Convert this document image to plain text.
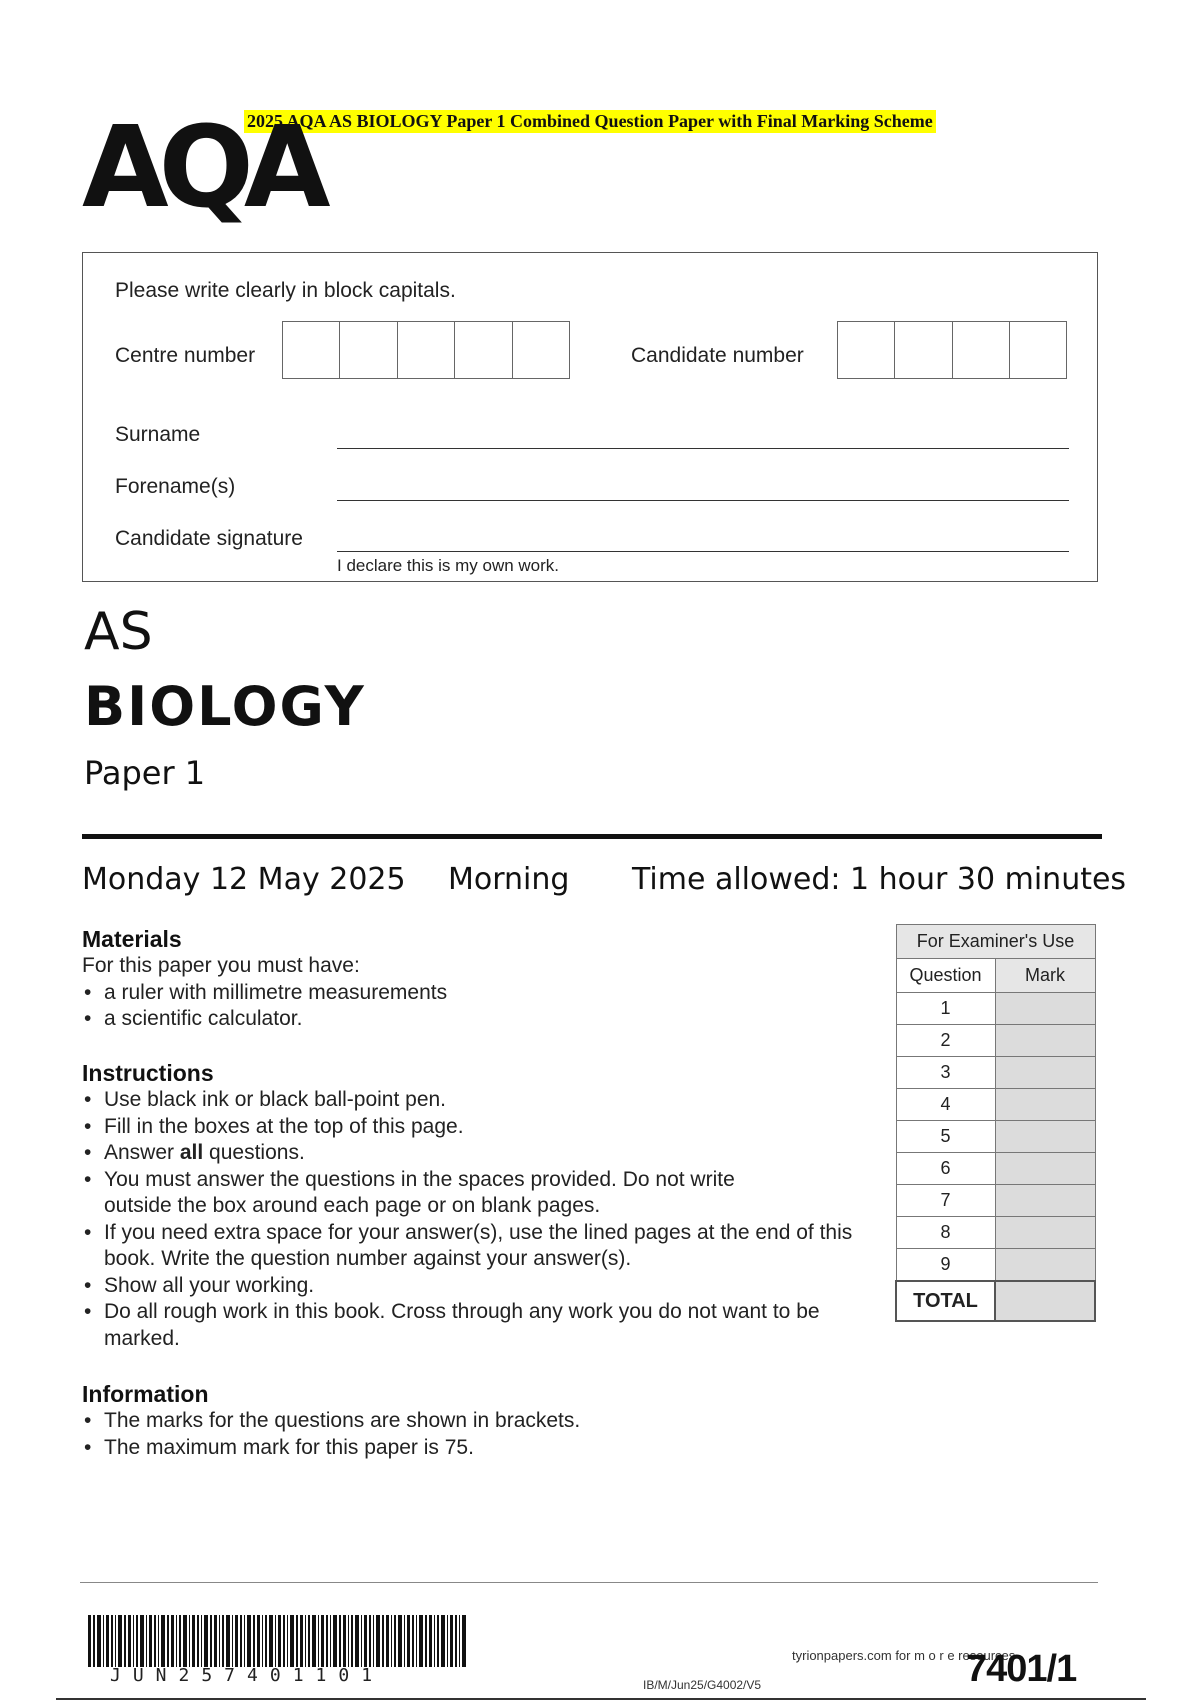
2025 AQA AS BIOLOGY Paper 1 Combined Question Paper with Final Marking Scheme
AQA
Please write clearly in block capitals.
Centre number	Candidate number
Surname
Forename(s)
Candidate signature
I declare this is my own work.
AS
BIOLOGY
Paper 1
Monday 12 May 2025 Morning Time allowed: 1 hour 30 minutes
Materials
For this paper you must have:
• a ruler with millimetre measurements
• a scientific calculator.
Instructions
• Use black ink or black ball-point pen.
• Fill in the boxes at the top of this page.
• Answer all questions.
• You must answer the questions in the spaces provided. Do not write outside the box around each page or on blank pages.
• If you need extra space for your answer(s), use the lined pages at the end of this book. Write the question number against your answer(s).
• Show all your working.
• Do all rough work in this book. Cross through any work you do not want to be marked.
Information
• The marks for the questions are shown in brackets.
• The maximum mark for this paper is 75.
For Examiner's Use	
Question	Mark
1	
2	
3	
4	
5	
6	
7	
8	
9	
TOTAL	
JUN257401101
tyrionpapers.com for m o r e resources
IB/M/Jun25/G4002/V5	7401/1
